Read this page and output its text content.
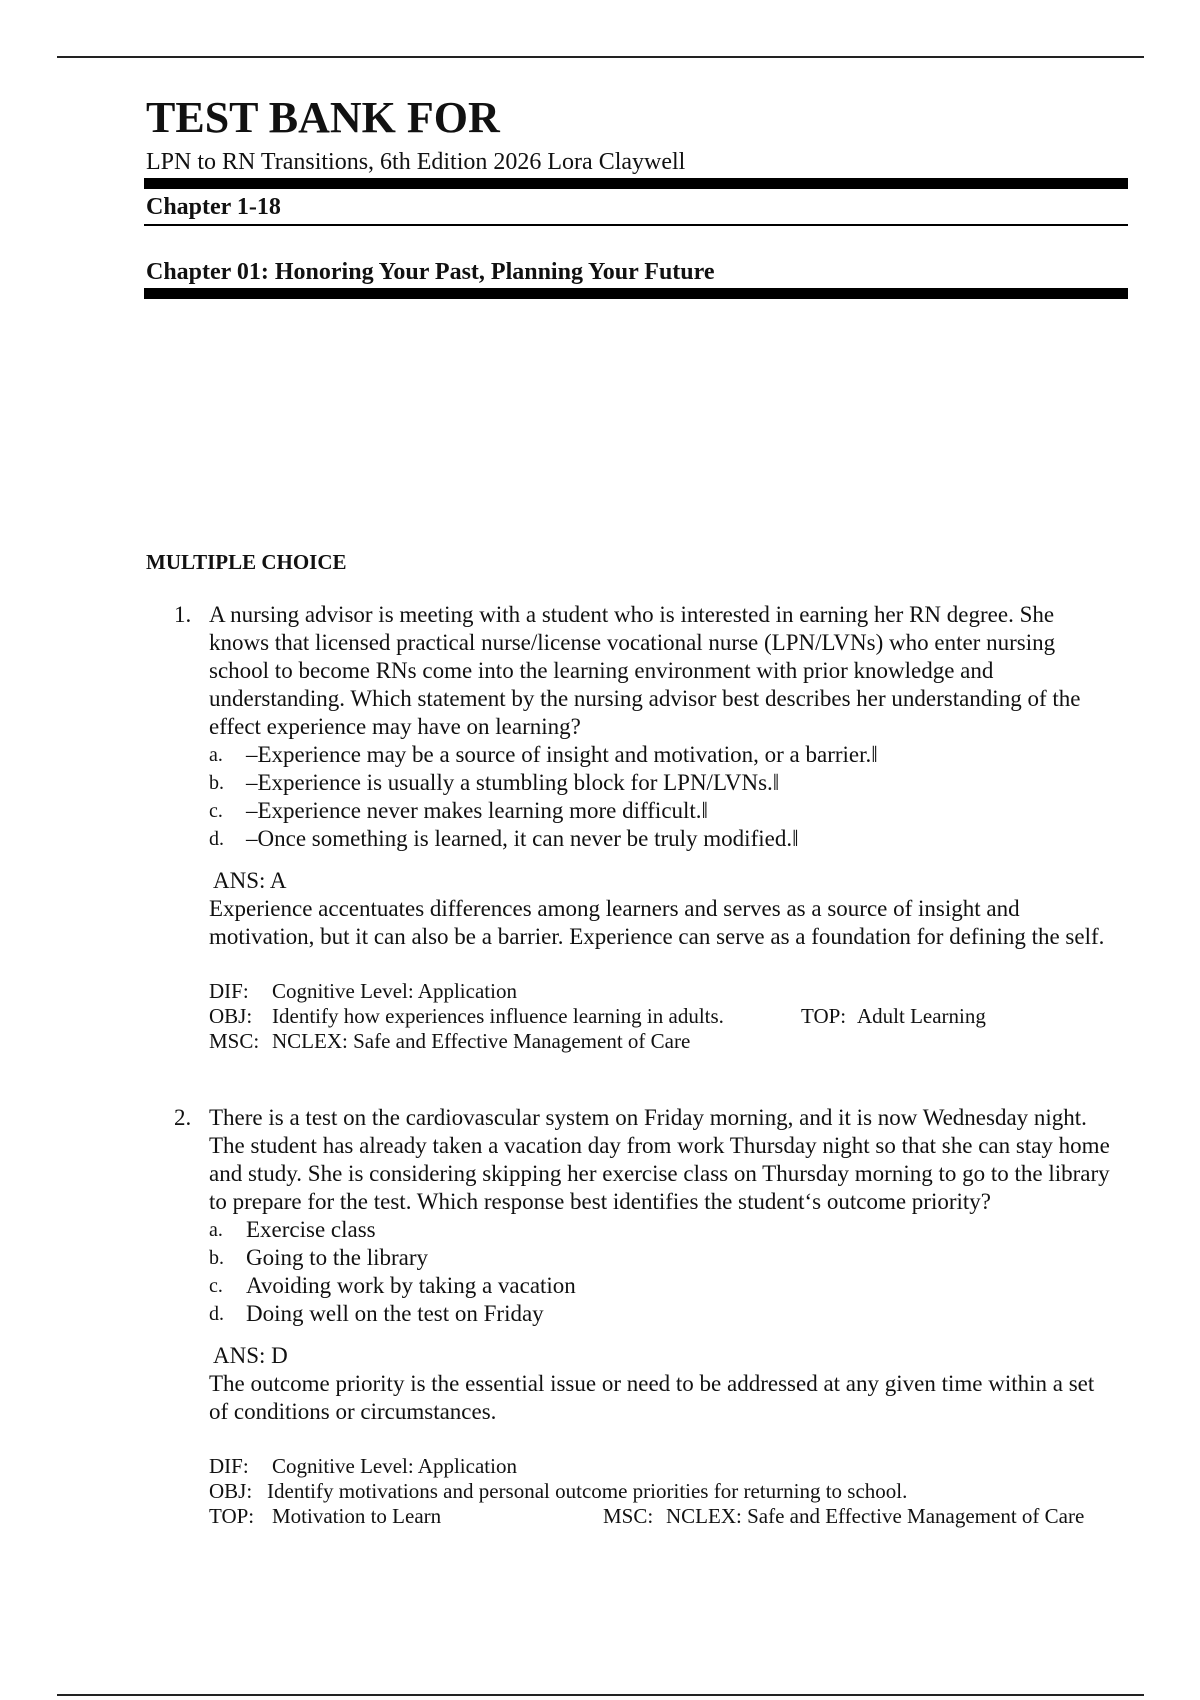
TEST BANK FOR

LPN to RN Transitions, 6th Edition 2026 Lora Claywell

Chapter 1-18

Chapter 01: Honoring Your Past, Planning Your Future

MULTIPLE CHOICE

1. A nursing advisor is meeting with a student who is interested in earning her RN degree. She knows that licensed practical nurse/license vocational nurse (LPN/LVNs) who enter nursing school to become RNs come into the learning environment with prior knowledge and understanding. Which statement by the nursing advisor best describes her understanding of the effect experience may have on learning?

a. –Experience may be a source of insight and motivation, or a barrier.‖
b. –Experience is usually a stumbling block for LPN/LVNs.‖
c. –Experience never makes learning more difficult.‖
d. –Once something is learned, it can never be truly modified.‖

ANS: A

Experience accentuates differences among learners and serves as a source of insight and motivation, but it can also be a barrier. Experience can serve as a foundation for defining the self.

DIF: Cognitive Level: Application
OBJ: Identify how experiences influence learning in adults.	TOP: Adult Learning
MSC: NCLEX: Safe and Effective Management of Care
2. There is a test on the cardiovascular system on Friday morning, and it is now Wednesday night. The student has already taken a vacation day from work Thursday night so that she can stay home and study. She is considering skipping her exercise class on Thursday morning to go to the library to prepare for the test. Which response best identifies the student‘s outcome priority?

a. Exercise class
b. Going to the library
c. Avoiding work by taking a vacation
d. Doing well on the test on Friday

ANS: D

The outcome priority is the essential issue or need to be addressed at any given time within a set of conditions or circumstances.

DIF: Cognitive Level: Application
OBJ: Identify motivations and personal outcome priorities for returning to school.
TOP: Motivation to Learn	MSC: NCLEX: Safe and Effective Management of Care
